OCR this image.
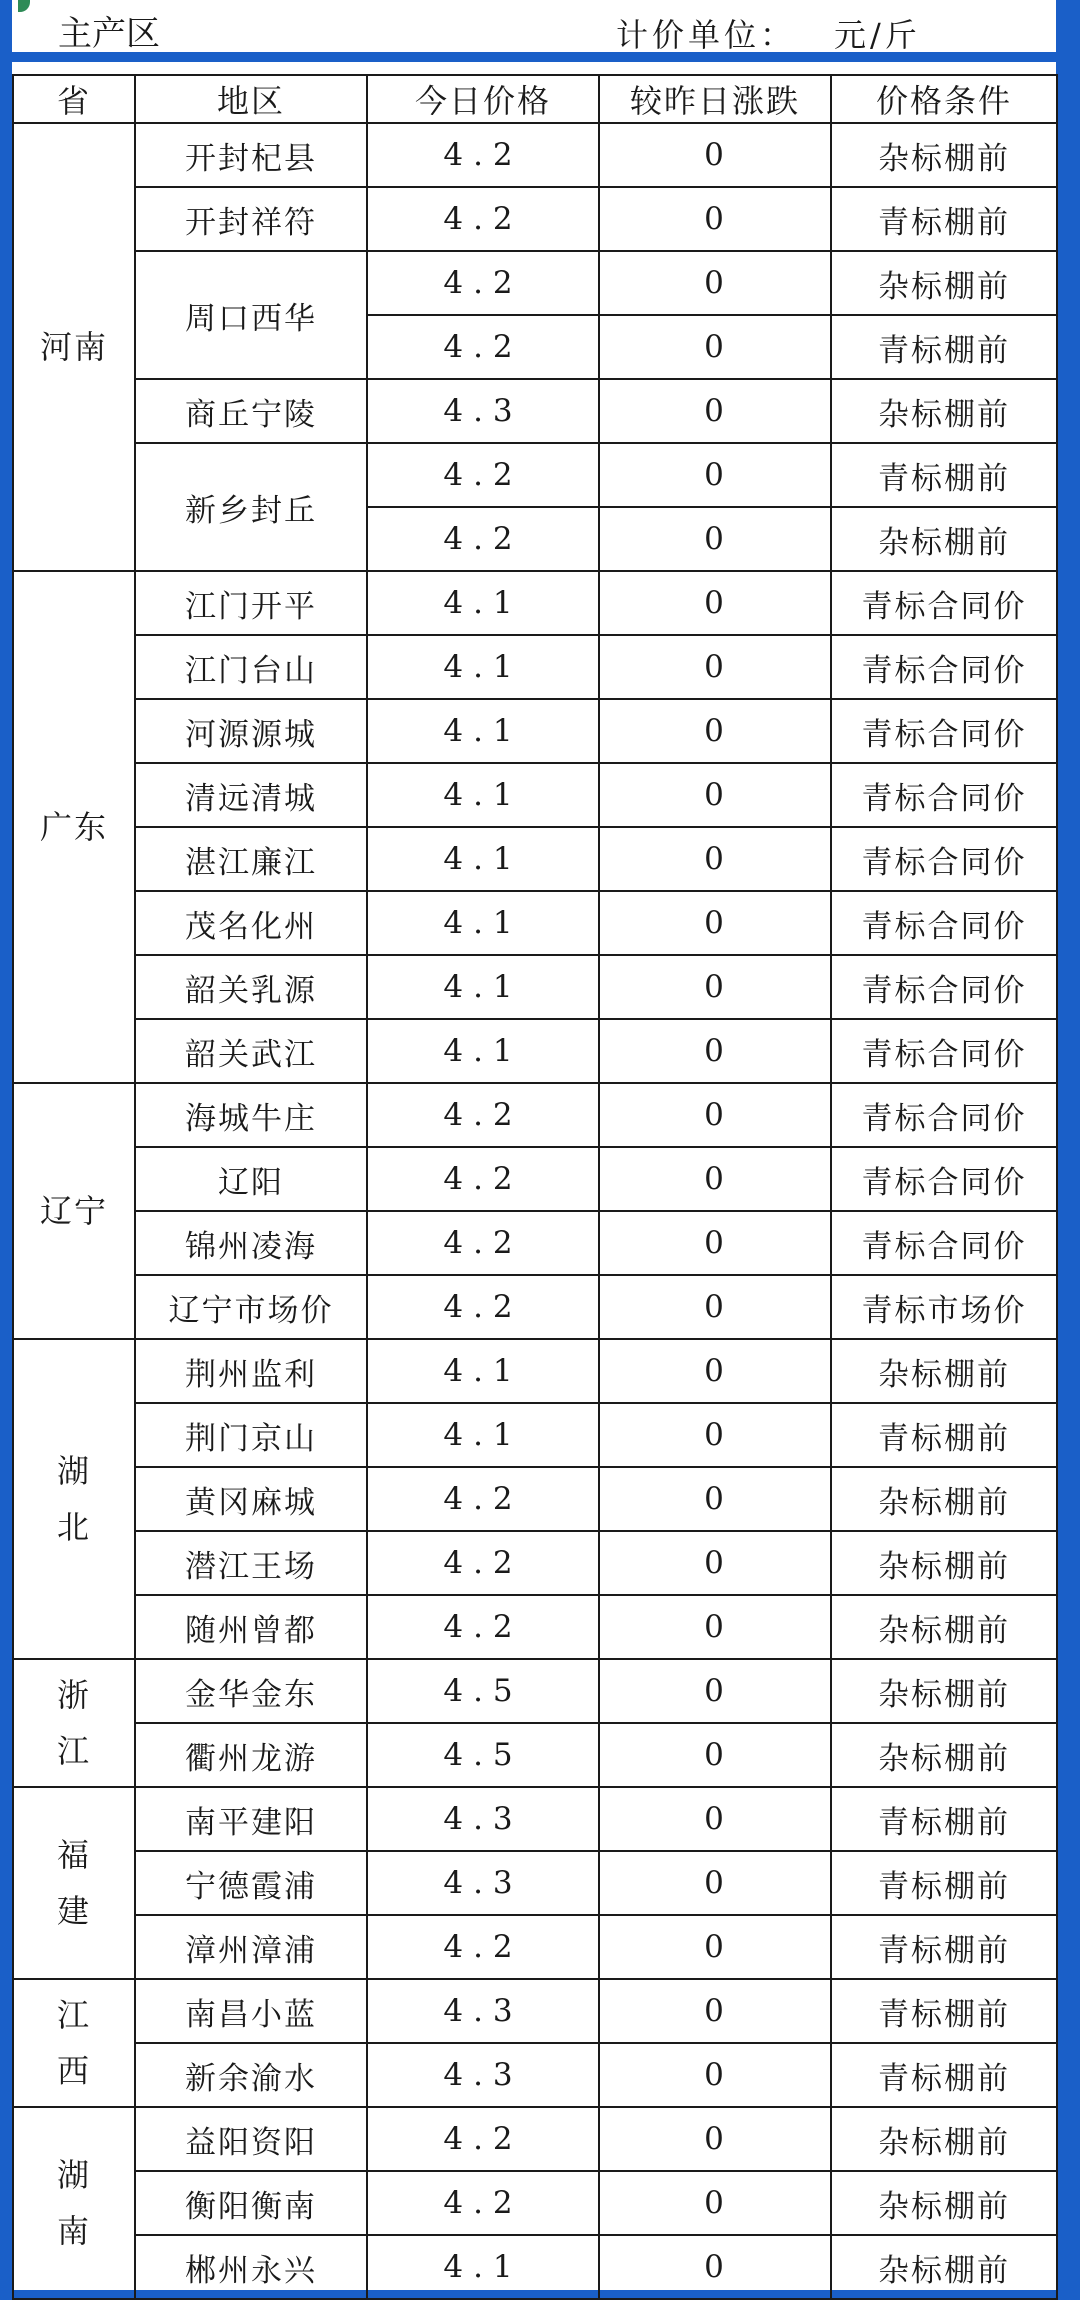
主产区	计价单位： 元/斤
省	地区	今日价格	较昨日涨跌	价格条件
河南	开封杞县	4.2	0	杂标棚前
	开封祥符	4.2	0	青标棚前
	周口西华	4.2	0	杂标棚前
		4.2	0	青标棚前
	商丘宁陵	4.3	0	杂标棚前
	新乡封丘	4.2	0	青标棚前
		4.2	0	杂标棚前
广东	江门开平	4.1	0	青标合同价
	江门台山	4.1	0	青标合同价
	河源源城	4.1	0	青标合同价
	清远清城	4.1	0	青标合同价
	湛江廉江	4.1	0	青标合同价
	茂名化州	4.1	0	青标合同价
	韶关乳源	4.1	0	青标合同价
	韶关武江	4.1	0	青标合同价
辽宁	海城牛庄	4.2	0	青标合同价
	辽阳	4.2	0	青标合同价
	锦州凌海	4.2	0	青标合同价
	辽宁市场价	4.2	0	青标市场价
湖北	荆州监利	4.1	0	杂标棚前
	荆门京山	4.1	0	青标棚前
	黄冈麻城	4.2	0	杂标棚前
	潜江王场	4.2	0	杂标棚前
	随州曾都	4.2	0	杂标棚前
浙江	金华金东	4.5	0	杂标棚前
	衢州龙游	4.5	0	杂标棚前
福建	南平建阳	4.3	0	青标棚前
	宁德霞浦	4.3	0	青标棚前
	漳州漳浦	4.2	0	青标棚前
江西	南昌小蓝	4.3	0	青标棚前
	新余渝水	4.3	0	青标棚前
湖南	益阳资阳	4.2	0	杂标棚前
	衡阳衡南	4.2	0	杂标棚前
	郴州永兴	4.1	0	杂标棚前
